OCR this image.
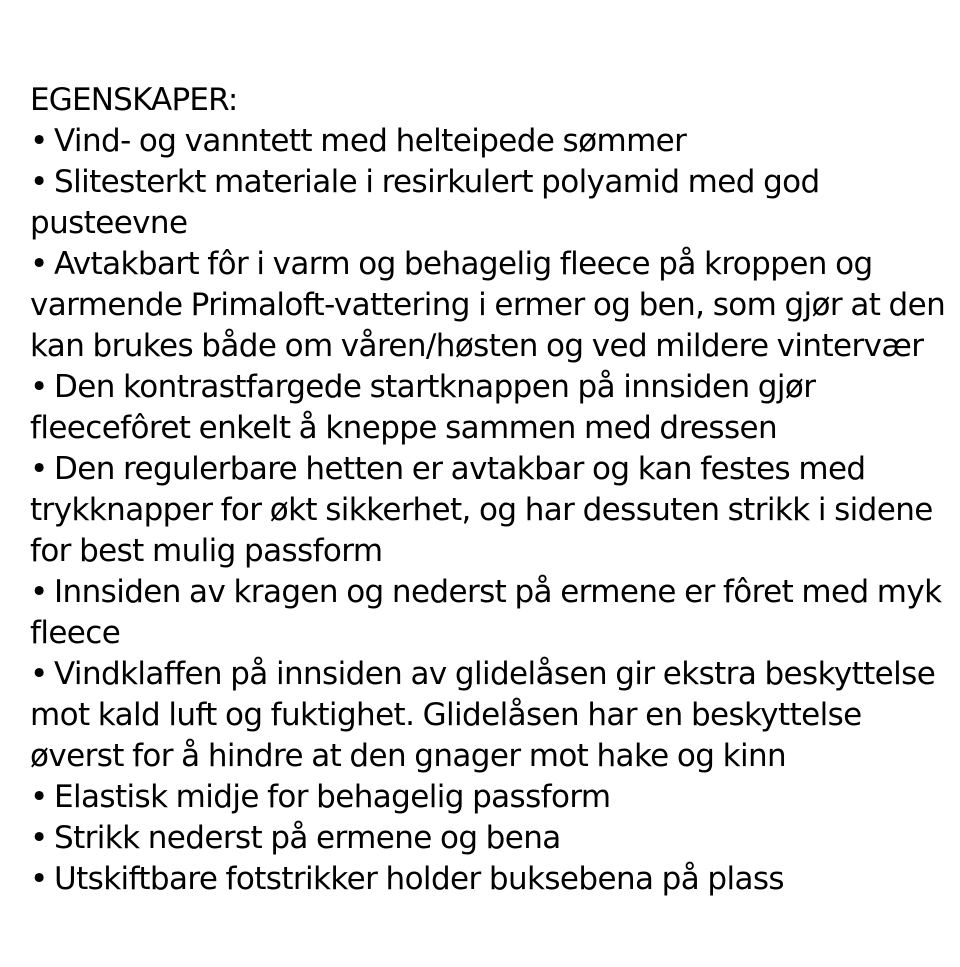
EGENSKAPER:
• Vind- og vanntett med helteipede sømmer
• Slitesterkt materiale i resirkulert polyamid med god
pusteevne
• Avtakbart fôr i varm og behagelig fleece på kroppen og
varmende Primaloft-vattering i ermer og ben, som gjør at den
kan brukes både om våren/høsten og ved mildere vintervær
• Den kontrastfargede startknappen på innsiden gjør
fleecefôret enkelt å kneppe sammen med dressen
• Den regulerbare hetten er avtakbar og kan festes med
trykknapper for økt sikkerhet, og har dessuten strikk i sidene
for best mulig passform
• Innsiden av kragen og nederst på ermene er fôret med myk
fleece
• Vindklaffen på innsiden av glidelåsen gir ekstra beskyttelse
mot kald luft og fuktighet. Glidelåsen har en beskyttelse
øverst for å hindre at den gnager mot hake og kinn
• Elastisk midje for behagelig passform
• Strikk nederst på ermene og bena
• Utskiftbare fotstrikker holder buksebena på plass
